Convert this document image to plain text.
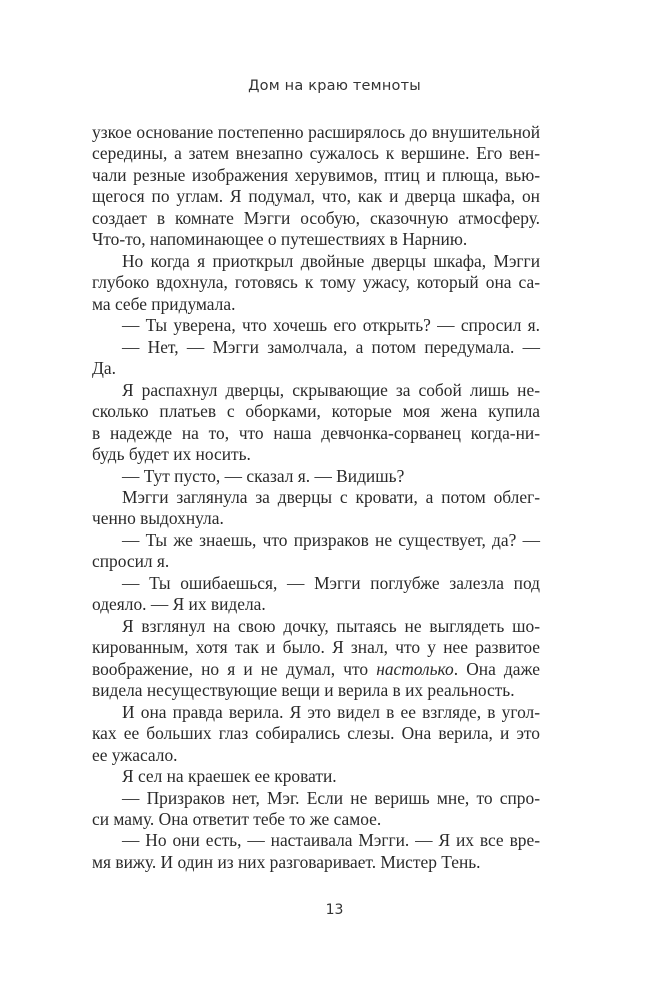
Дом на краю темноты
узкое основание постепенно расширялось до внушительной
середины, а затем внезапно сужалось к вершине. Его вен-
чали резные изображения херувимов, птиц и плюща, вью-
щегося по углам. Я подумал, что, как и дверца шкафа, он
создает в комнате Мэгги особую, сказочную атмосферу.
Что-то, напоминающее о путешествиях в Нарнию.
Но когда я приоткрыл двойные дверцы шкафа, Мэгги
глубоко вдохнула, готовясь к тому ужасу, который она са-
ма себе придумала.
— Ты уверена, что хочешь его открыть? — спросил я.
— Нет, — Мэгги замолчала, а потом передумала. —
Да.
Я распахнул дверцы, скрывающие за собой лишь не-
сколько платьев с оборками, которые моя жена купила
в надежде на то, что наша девчонка-сорванец когда-ни-
будь будет их носить.
— Тут пусто, — сказал я. — Видишь?
Мэгги заглянула за дверцы с кровати, а потом облег-
ченно выдохнула.
— Ты же знаешь, что призраков не существует, да? —
спросил я.
— Ты ошибаешься, — Мэгги поглубже залезла под
одеяло. — Я их видела.
Я взглянул на свою дочку, пытаясь не выглядеть шо-
кированным, хотя так и было. Я знал, что у нее развитое
воображение, но я и не думал, что настолько. Она даже
видела несуществующие вещи и верила в их реальность.
И она правда верила. Я это видел в ее взгляде, в угол-
ках ее больших глаз собирались слезы. Она верила, и это
ее ужасало.
Я сел на краешек ее кровати.
— Призраков нет, Мэг. Если не веришь мне, то спро-
си маму. Она ответит тебе то же самое.
— Но они есть, — настаивала Мэгги. — Я их все вре-
мя вижу. И один из них разговаривает. Мистер Тень.
13
